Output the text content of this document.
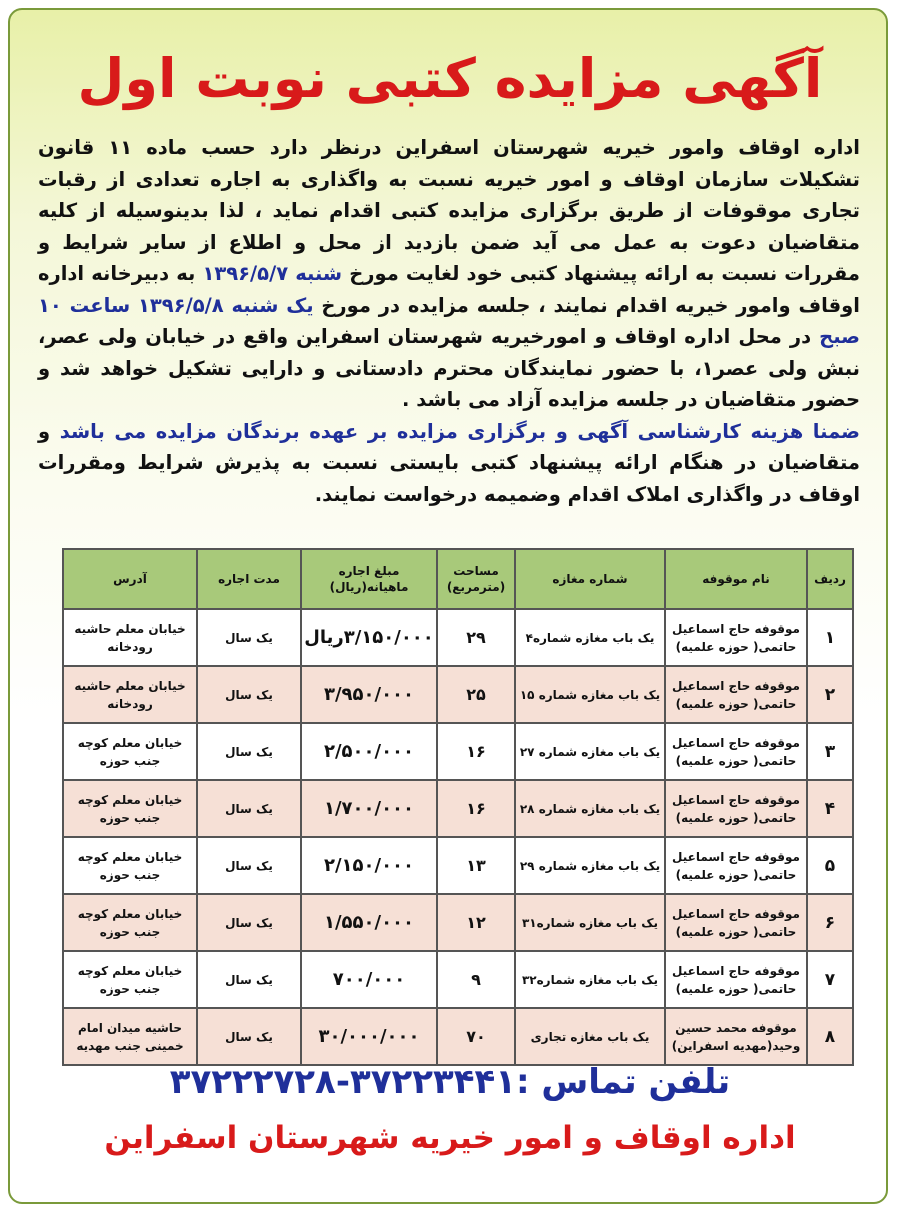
آگهی مزایده کتبی نوبت اول

اداره اوقاف وامور خیریه شهرستان اسفراین درنظر دارد حسب ماده ۱۱ قانون تشکیلات سازمان اوقاف و امور خیریه نسبت به واگذاری به اجاره تعدادی از رقبات تجاری موقوفات از طریق برگزاری مزایده کتبی اقدام نماید ، لذا بدینوسیله از کلیه متقاضیان دعوت به عمل می آید ضمن بازدید از محل و اطلاع از سایر شرایط و مقررات نسبت به ارائه پیشنهاد کتبی خود لغایت مورخ شنبه ۱۳۹۶/۵/۷ به دبیرخانه اداره اوقاف وامور خیریه اقدام نمایند ، جلسه مزایده در مورخ یک شنبه ۱۳۹۶/۵/۸ ساعت ۱۰ صبح در محل اداره اوقاف و امورخیریه شهرستان اسفراین واقع در خیابان ولی عصر، نبش ولی عصر۱، با حضور نمایندگان محترم دادستانی و دارایی تشکیل خواهد شد و حضور متقاضیان در جلسه مزایده آزاد می باشد .

ضمنا هزینه کارشناسی آگهی و برگزاری مزایده بر عهده برندگان مزایده می باشد و متقاضیان در هنگام ارائه پیشنهاد کتبی بایستی نسبت به پذیرش شرایط ومقررات اوقاف در واگذاری املاک اقدام وضمیمه درخواست نمایند.

ردیف	نام موقوفه	شماره مغازه	مساحت (مترمربع)	مبلغ اجاره ماهیانه(ریال)	مدت اجاره	آدرس
۱	موقوفه حاج اسماعیل حاتمی( حوزه علمیه)	یک باب مغازه شماره۴	۲۹	۳/۱۵۰/۰۰۰ریال	یک سال	خیابان معلم حاشیه رودخانه
۲	موقوفه حاج اسماعیل حاتمی( حوزه علمیه)	یک باب مغازه شماره ۱۵	۲۵	۳/۹۵۰/۰۰۰	یک سال	خیابان معلم حاشیه رودخانه
۳	موقوفه حاج اسماعیل حاتمی( حوزه علمیه)	یک باب مغازه شماره ۲۷	۱۶	۲/۵۰۰/۰۰۰	یک سال	خیابان معلم کوچه جنب حوزه
۴	موقوفه حاج اسماعیل حاتمی( حوزه علمیه)	یک باب مغازه شماره ۲۸	۱۶	۱/۷۰۰/۰۰۰	یک سال	خیابان معلم کوچه جنب حوزه
۵	موقوفه حاج اسماعیل حاتمی( حوزه علمیه)	یک باب مغازه شماره ۲۹	۱۳	۲/۱۵۰/۰۰۰	یک سال	خیابان معلم کوچه جنب حوزه
۶	موقوفه حاج اسماعیل حاتمی( حوزه علمیه)	یک باب مغازه شماره۳۱	۱۲	۱/۵۵۰/۰۰۰	یک سال	خیابان معلم کوچه جنب حوزه
۷	موقوفه حاج اسماعیل حاتمی( حوزه علمیه)	یک باب مغازه شماره۳۲	۹	۷۰۰/۰۰۰	یک سال	خیابان معلم کوچه جنب حوزه
۸	موقوفه محمد حسین وحید(مهدیه اسفراین)	یک باب مغازه تجاری	۷۰	۳۰/۰۰۰/۰۰۰	یک سال	حاشیه میدان امام خمینی جنب مهدیه
تلفن تماس :۳۷۲۲۳۴۴۱-۳۷۲۲۲۷۲۸
اداره اوقاف و امور خیریه شهرستان اسفراین
